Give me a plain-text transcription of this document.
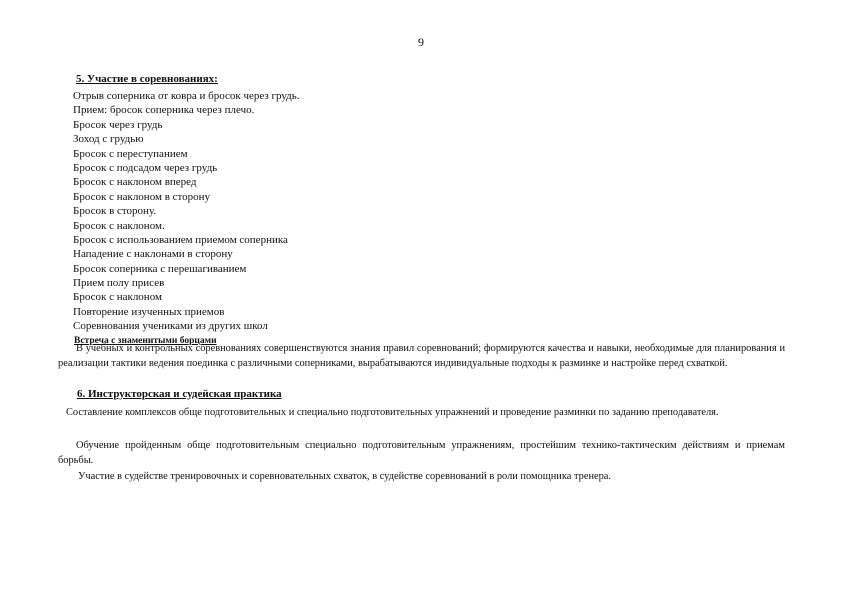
9
5. Участие в соревнованиях:
Отрыв соперника от ковра и бросок через грудь.
Прием: бросок соперника через плечо.
Бросок через грудь
Зоход с грудью
Бросок с переступанием
Бросок с подсадом через грудь
Бросок с наклоном вперед
Бросок с наклоном в сторону
Бросок в сторону.
Бросок с наклоном.
Бросок с использованием приемом соперника
Нападение с наклонами в сторону
Бросок соперника с перешагиванием
Прием полу присев
Бросок с наклоном
Повторение изученных приемов
Соревнования учениками из других школ
Встреча с знаменитыми борцами

В учебных и контрольных соревнованиях совершенствуются знания правил соревнований; формируются качества и навыки, необходимые для планирования и реализации тактики ведения поединка с различными соперниками, вырабатываются индивидуальные подходы к разминке и настройке перед схваткой.

6. Инструкторская и судейская практика

Составление комплексов обще подготовительных и специально подготовительных упражнений и проведение разминки по заданию преподавателя.

Обучение пройденным обще подготовительным специально подготовительным упражнениям, простейшим технико-тактическим действиям и приемам борьбы.

Участие в судействе тренировочных и соревновательных схваток, в судействе соревнований в роли помощника тренера.
